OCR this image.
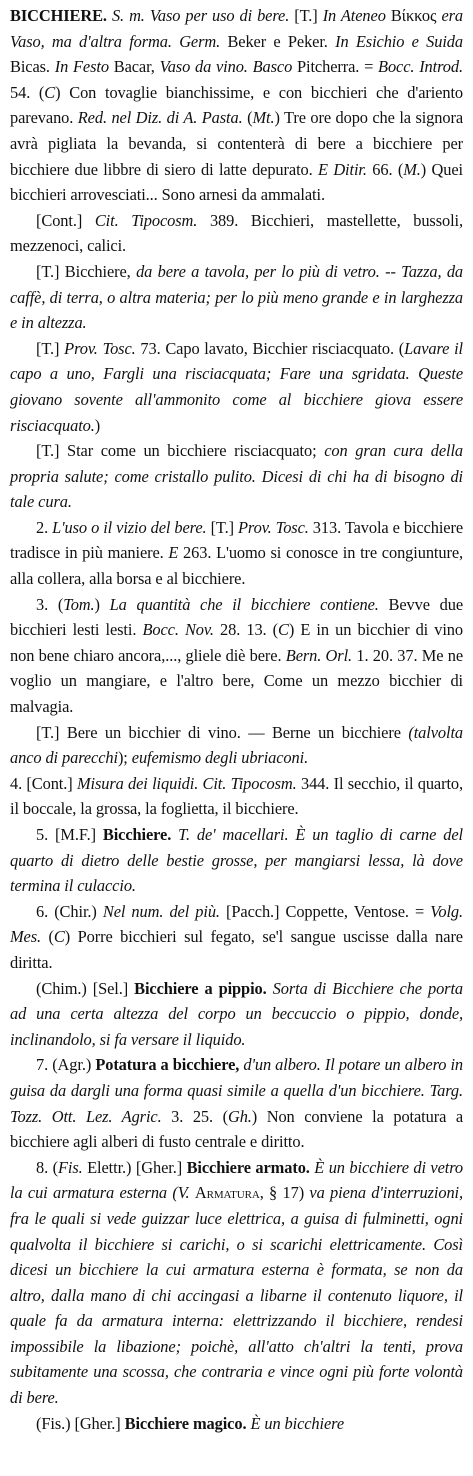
BICCHIERE. S. m. Vaso per uso di bere. [T.] In Ateneo Βίκκος era Vaso, ma d'altra forma. Germ. Beker e Peker. In Esichio e Suida Bicas. In Festo Bacar, Vaso da vino. Basco Pitcherra. = Bocc. Introd. 54. (C) Con tovaglie bianchissime, e con bicchieri che d'ariento parevano. Red. nel Diz. di A. Pasta. (Mt.) Tre ore dopo che la signora avrà pigliata la bevanda, si contenterà di bere a bicchiere per bicchiere due libbre di siero di latte depurato. E Ditir. 66. (M.) Quei bicchieri arrovesciati... Sono arnesi da ammalati.

[Cont.] Cit. Tipocosm. 389. Bicchieri, mastellette, bussoli, mezzenoci, calici.

[T.] Bicchiere, da bere a tavola, per lo più di vetro. -- Tazza, da caffè, di terra, o altra materia; per lo più meno grande e in larghezza e in altezza.

[T.] Prov. Tosc. 73. Capo lavato, Bicchier risciacquato. (Lavare il capo a uno, Fargli una risciacquata; Fare una sgridata. Queste giovano sovente all'ammonito come al bicchiere giova essere risciacquato.)

[T.] Star come un bicchiere risciacquato; con gran cura della propria salute; come cristallo pulito. Dicesi di chi ha di bisogno di tale cura.

2. L'uso o il vizio del bere. [T.] Prov. Tosc. 313. Tavola e bicchiere tradisce in più maniere. E 263. L'uomo si conosce in tre congiunture, alla collera, alla borsa e al bicchiere.

3. (Tom.) La quantità che il bicchiere contiene. Bevve due bicchieri lesti lesti. Bocc. Nov. 28. 13. (C) E in un bicchier di vino non bene chiaro ancora,..., gliele diè bere. Bern. Orl. 1. 20. 37. Me ne voglio un mangiare, e l'altro bere, Come un mezzo bicchier di malvagia.

[T.] Bere un bicchier di vino. — Berne un bicchiere (talvolta anco di parecchi); eufemismo degli ubriaconi.

4. [Cont.] Misura dei liquidi. Cit. Tipocosm. 344. Il secchio, il quarto, il boccale, la grossa, la foglietta, il bicchiere.

5. [M.F.] Bicchiere. T. de' macellari. È un taglio di carne del quarto di dietro delle bestie grosse, per mangiarsi lessa, là dove termina il culaccio.

6. (Chir.) Nel num. del più. [Pacch.] Coppette, Ventose. = Volg. Mes. (C) Porre bicchieri sul fegato, se'l sangue uscisse dalla nare diritta.

(Chim.) [Sel.] Bicchiere a pippio. Sorta di Bicchiere che porta ad una certa altezza del corpo un beccuccio o pippio, donde, inclinandolo, si fa versare il liquido.

7. (Agr.) Potatura a bicchiere, d'un albero. Il potare un albero in guisa da dargli una forma quasi simile a quella d'un bicchiere. Targ. Tozz. Ott. Lez. Agric. 3. 25. (Gh.) Non conviene la potatura a bicchiere agli alberi di fusto centrale e diritto.

8. (Fis. Elettr.) [Gher.] Bicchiere armato. È un bicchiere di vetro la cui armatura esterna (V. Armatura, § 17) va piena d'interruzioni, fra le quali si vede guizzar luce elettrica, a guisa di fulminetti, ogni qualvolta il bicchiere si carichi, o si scarichi elettricamente. Così dicesi un bicchiere la cui armatura esterna è formata, se non da altro, dalla mano di chi accingasi a libarne il contenuto liquore, il quale fa da armatura interna: elettrizzando il bicchiere, rendesi impossibile la libazione; poichè, all'atto ch'altri la tenti, prova subitamente una scossa, che contraria e vince ogni più forte volontà di bere.

(Fis.) [Gher.] Bicchiere magico. È un bicchiere
